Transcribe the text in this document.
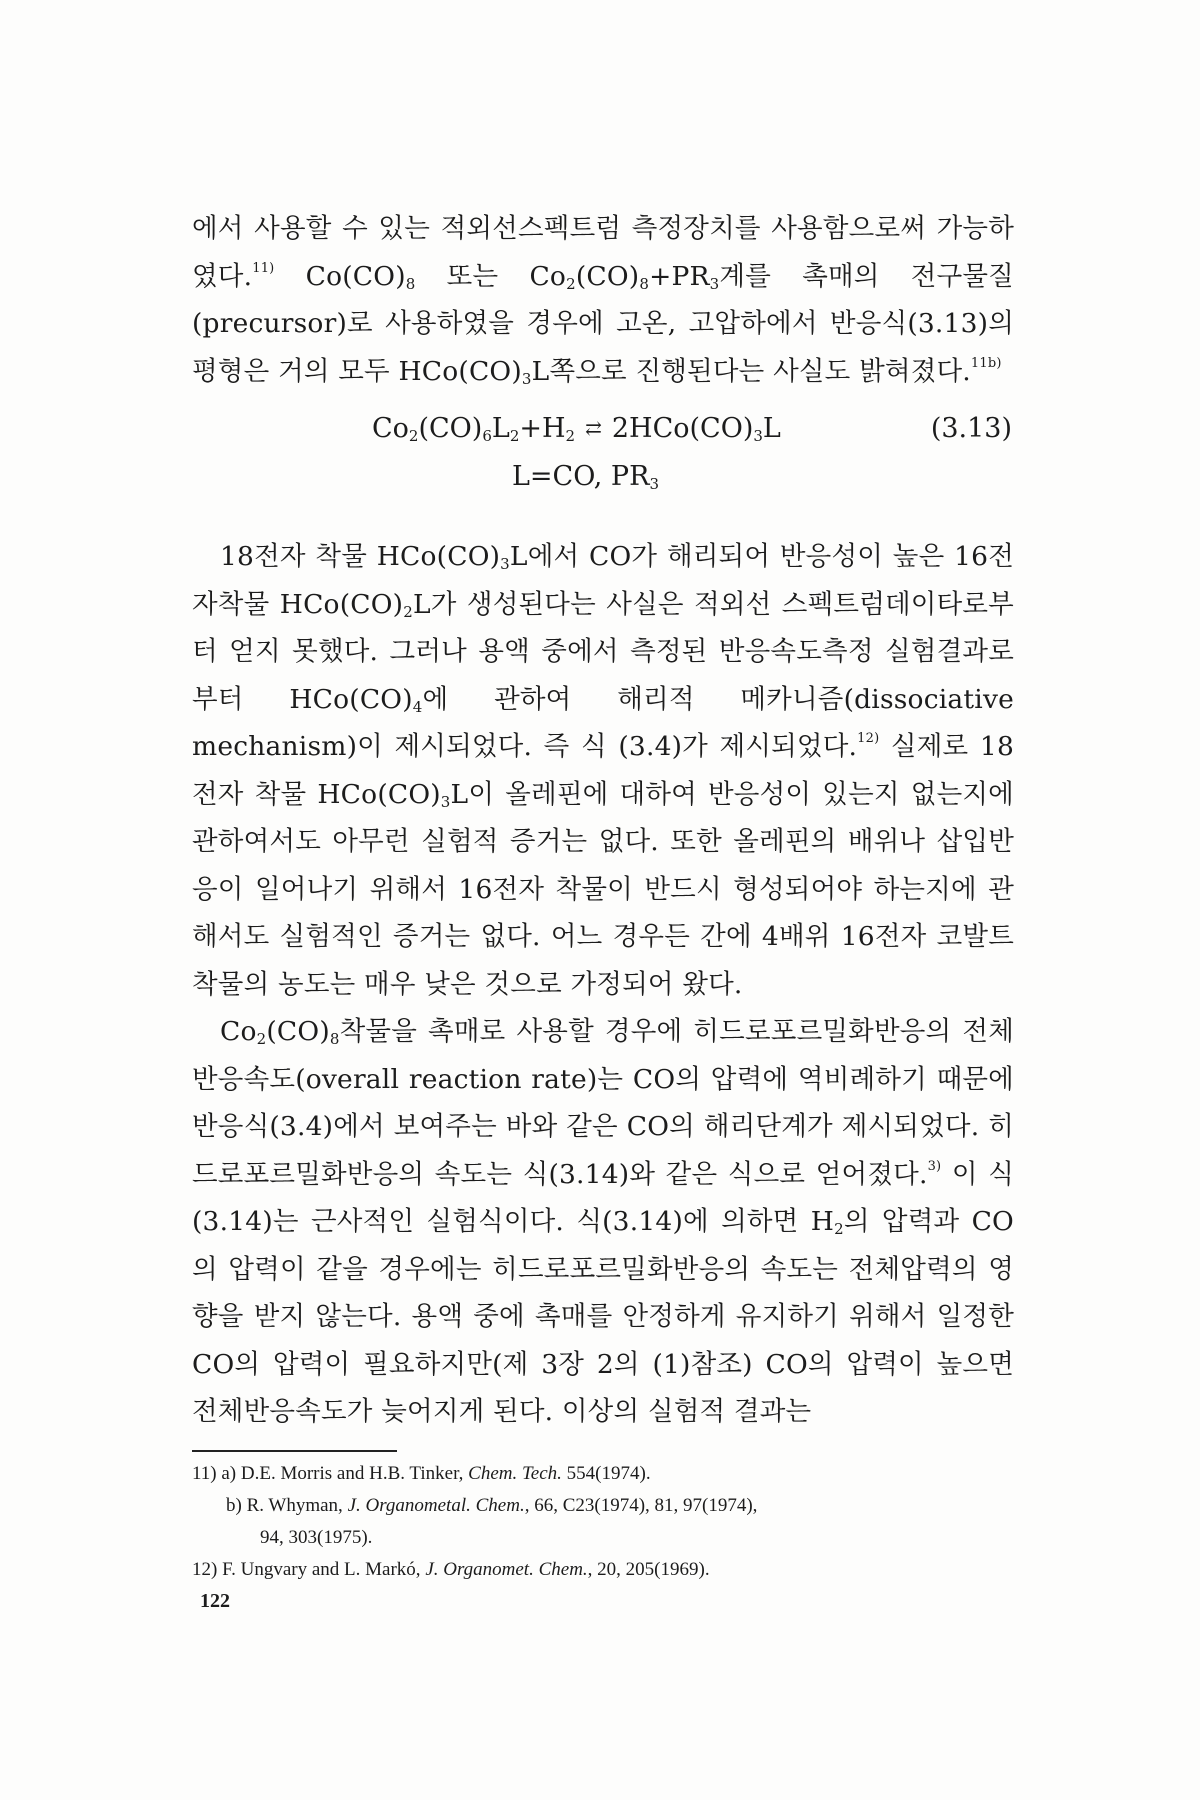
에서 사용할 수 있는 적외선스펙트럼 측정장치를 사용함으로써 가능하였다.$^{11)}$ $Co(CO)_8$ 또는 $Co_2(CO)_8+PR_3$계를 촉매의 전구물질(precursor)로 사용하였을 경우에 고온, 고압하에서 반응식(3.13)의 평형은 거의 모두 $HCo(CO)_3L$쪽으로 진행된다는 사실도 밝혀졌다.$^{11b)}$

$Co_2(CO)_6L_2+H_2$ ⇄ $2HCo(CO)_3L$
L=CO, $PR_3$
(3.13)

18전자 착물 $HCo(CO)_3L$에서 CO가 해리되어 반응성이 높은 16전자착물 $HCo(CO)_2L$가 생성된다는 사실은 적외선 스펙트럼데이타로부터 얻지 못했다. 그러나 용액 중에서 측정된 반응속도측정 실험결과로부터 $HCo(CO)_4$에 관하여 해리적 메카니즘(dissociative mechanism)이 제시되었다. 즉 식 (3.4)가 제시되었다.$^{12)}$ 실제로 18전자 착물 $HCo(CO)_3L$이 올레핀에 대하여 반응성이 있는지 없는지에 관하여서도 아무런 실험적 증거는 없다. 또한 올레핀의 배위나 삽입반응이 일어나기 위해서 16전자 착물이 반드시 형성되어야 하는지에 관해서도 실험적인 증거는 없다. 어느 경우든 간에 4배위 16전자 코발트착물의 농도는 매우 낮은 것으로 가정되어 왔다.

$Co_2(CO)_8$착물을 촉매로 사용할 경우에 히드로포르밀화반응의 전체반응속도(overall reaction rate)는 CO의 압력에 역비례하기 때문에 반응식(3.4)에서 보여주는 바와 같은 CO의 해리단계가 제시되었다. 히드로포르밀화반응의 속도는 식(3.14)와 같은 식으로 얻어졌다.$^{3)}$ 이 식(3.14)는 근사적인 실험식이다. 식(3.14)에 의하면 $H_2$의 압력과 CO의 압력이 같을 경우에는 히드로포르밀화반응의 속도는 전체압력의 영향을 받지 않는다. 용액 중에 촉매를 안정하게 유지하기 위해서 일정한 CO의 압력이 필요하지만(제 3장 2의 (1)참조) CO의 압력이 높으면 전체반응속도가 늦어지게 된다. 이상의 실험적 결과는

11) a) D.E. Morris and H.B. Tinker, Chem. Tech. 554(1974).

b) R. Whyman, J. Organometal. Chem., 66, C23(1974), 81, 97(1974),

94, 303(1975).

12) F. Ungvary and L. Markó, J. Organomet. Chem., 20, 205(1969).

122
